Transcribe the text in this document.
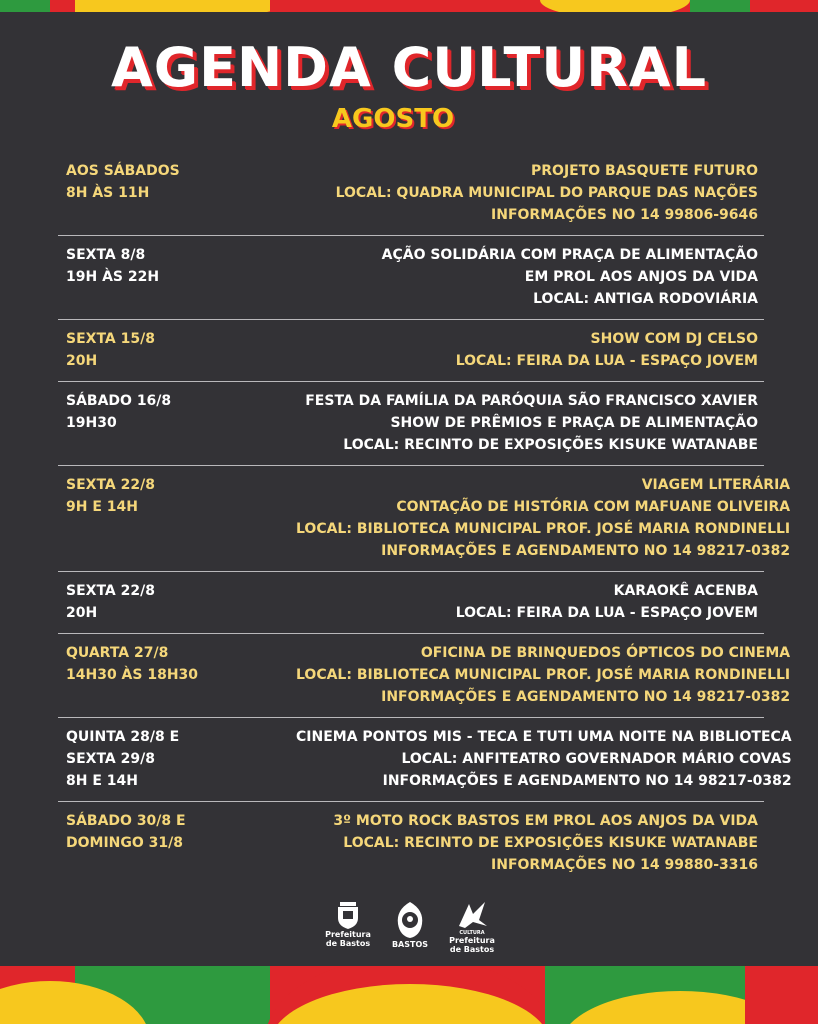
AGENDA CULTURAL
AGOSTO
AOS SÁBADOS
8H ÀS 11H
PROJETO BASQUETE FUTURO
LOCAL: QUADRA MUNICIPAL DO PARQUE DAS NAÇÕES
INFORMAÇÕES NO 14 99806-9646
SEXTA 8/8
19H ÀS 22H
AÇÃO SOLIDÁRIA COM PRAÇA DE ALIMENTAÇÃO
EM PROL AOS ANJOS DA VIDA
LOCAL: ANTIGA RODOVIÁRIA
SEXTA 15/8
20H
SHOW COM DJ CELSO
LOCAL: FEIRA DA LUA - ESPAÇO JOVEM
SÁBADO 16/8
19H30
FESTA DA FAMÍLIA DA PARÓQUIA SÃO FRANCISCO XAVIER
SHOW DE PRÊMIOS E PRAÇA DE ALIMENTAÇÃO
LOCAL: RECINTO DE EXPOSIÇÕES KISUKE WATANABE
SEXTA 22/8
9H E 14H
VIAGEM LITERÁRIA
CONTAÇÃO DE HISTÓRIA COM MAFUANE OLIVEIRA
LOCAL: BIBLIOTECA MUNICIPAL PROF. JOSÉ MARIA RONDINELLI
INFORMAÇÕES E AGENDAMENTO NO 14 98217-0382
SEXTA 22/8
20H
KARAOKÊ ACENBA
LOCAL: FEIRA DA LUA - ESPAÇO JOVEM
QUARTA 27/8
14H30 ÀS 18H30
OFICINA DE BRINQUEDOS ÓPTICOS DO CINEMA
LOCAL: BIBLIOTECA MUNICIPAL PROF. JOSÉ MARIA RONDINELLI
INFORMAÇÕES E AGENDAMENTO NO 14 98217-0382
QUINTA 28/8 E
SEXTA 29/8
8H E 14H
CINEMA PONTOS MIS - TECA E TUTI UMA NOITE NA BIBLIOTECA
LOCAL: ANFITEATRO GOVERNADOR MÁRIO COVAS
INFORMAÇÕES E AGENDAMENTO NO 14 98217-0382
SÁBADO 30/8 E
DOMINGO 31/8
3º MOTO ROCK BASTOS EM PROL AOS ANJOS DA VIDA
LOCAL: RECINTO DE EXPOSIÇÕES KISUKE WATANABE
INFORMAÇÕES NO 14 99880-3316
Prefeitura
de Bastos	BASTOS
CULTURA
Prefeitura
de Bastos
